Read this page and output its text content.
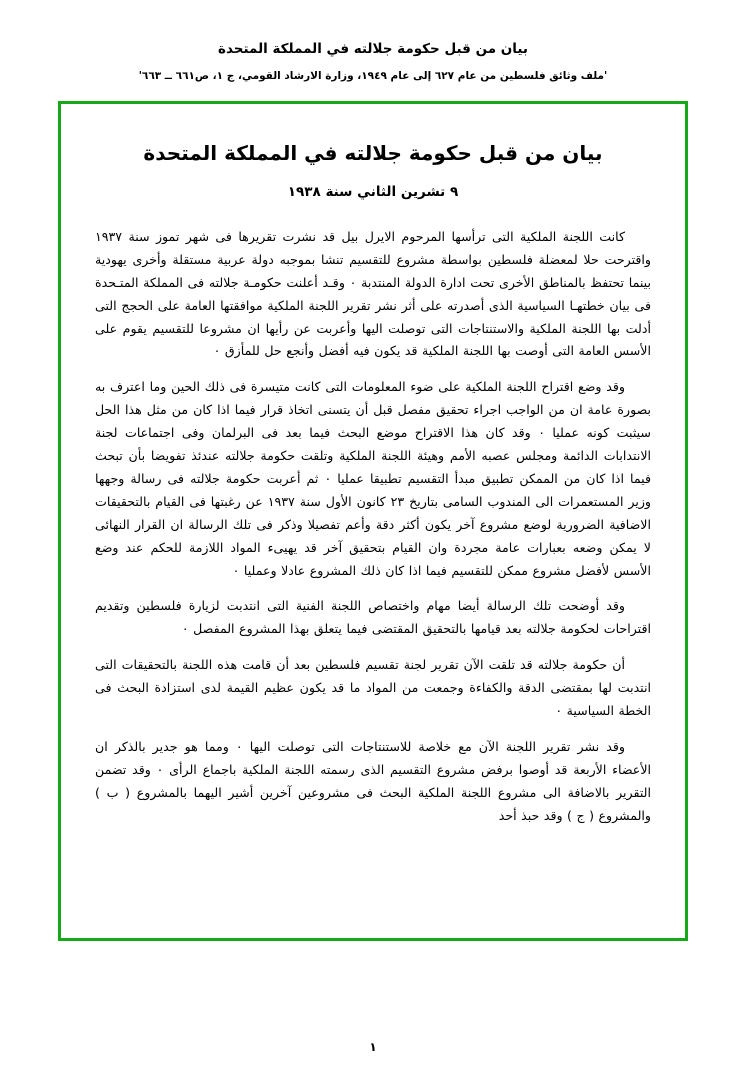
بيان من قبل حكومة جلالته في المملكة المتحدة
'ملف وثائق فلسطين من عام ٦٢٧ إلى عام ١٩٤٩، وزارة الارشاد القومي، ج ١، ص٦٦١ ــ ٦٦٣'
بيان من قبل حكومة جلالته في المملكة المتحدة
٩ تشرين الثاني سنة ١٩٣٨

كانت اللجنة الملكية التى ترأسها المرحوم الايرل بيل قد نشرت تقريرها فى شهر تموز سنة ١٩٣٧ واقترحت حلا لمعضلة فلسطين بواسطة مشروع للتقسيم تنشا بموجبه دولة عربية مستقلة وأخرى يهودية بينما تحتفظ بالمناطق الأخرى تحت ادارة الدولة المنتدبة ٠ وقـد أعلنت حكومـة جلالته فى المملكة المتـحدة فى بيان خطتهـا السياسية الذى أصدرته على أثر نشر تقرير اللجنة الملكية موافقتها العامة على الحجج التى أدلت بها اللجنة الملكية والاستنتاجات التى توصلت اليها وأعربت عن رأيها ان مشروعا للتقسيم يقوم على الأسس العامة التى أوصت بها اللجنة الملكية قد يكون فيه أفضل وأنجع حل للمأزق ٠

وقد وضع اقتراح اللجنة الملكية على ضوء المعلومات التى كانت متيسرة فى ذلك الحين وما اعترف به بصورة عامة ان من الواجب اجراء تحقيق مفصل قبل أن يتسنى اتخاذ قرار فيما اذا كان من مثل هذا الحل سيثبت كونه عمليا ٠ وقد كان هذا الاقتراح موضع البحث فيما بعد فى البرلمان وفى اجتماعات لجنة الانتدابات الدائمة ومجلس عصبه الأمم وهيئة اللجنة الملكية وتلقت حكومة جلالته عندئذ تفويضا بأن تبحث فيما اذا كان من الممكن تطبيق مبدأ التقسيم تطبيقا عمليا ٠ ثم أعربت حكومة جلالته فى رسالة وجهها وزير المستعمرات الى المندوب السامى بتاريخ ٢٣ كانون الأول سنة ١٩٣٧ عن رغبتها فى القيام بالتحقيقات الاضافية الضرورية لوضع مشروع آخر يكون أكثر دقة وأعم تفصيلا وذكر فى تلك الرسالة ان القرار النهائى لا يمكن وضعه بعبارات عامة مجردة وان القيام بتحقيق آخر قد يهيىء المواد اللازمة للحكم عند وضع الأسس لأفضل مشروع ممكن للتقسيم فيما اذا كان ذلك المشروع عادلا وعمليا ٠

وقد أوضحت تلك الرسالة أيضا مهام واختصاص اللجنة الفنية التى انتدبت لزيارة فلسطين وتقديم اقتراحات لحكومة جلالته بعد قيامها بالتحقيق المقتضى فيما يتعلق بهذا المشروع المفصل ٠

أن حكومة جلالته قد تلقت الآن تقرير لجنة تقسيم فلسطين بعد أن قامت هذه اللجنة بالتحقيقات التى انتدبت لها بمقتضى الدقة والكفاءة وجمعت من المواد ما قد يكون عظيم القيمة لدى استزادة البحث فى الخطة السياسية ٠

وقد نشر تقرير اللجنة الآن مع خلاصة للاستنتاجات التى توصلت اليها ٠ ومما هو جدير بالذكر ان الأعضاء الأربعة قد أوصوا برفض مشروع التقسيم الذى رسمته اللجنة الملكية باجماع الرأى ٠ وقد تضمن التقرير بالاضافة الى مشروع اللجنة الملكية البحث فى مشروعين آخرين أشير اليهما بالمشروع ( ب ) والمشروع ( ج ) وقد حبذ أحد

١
